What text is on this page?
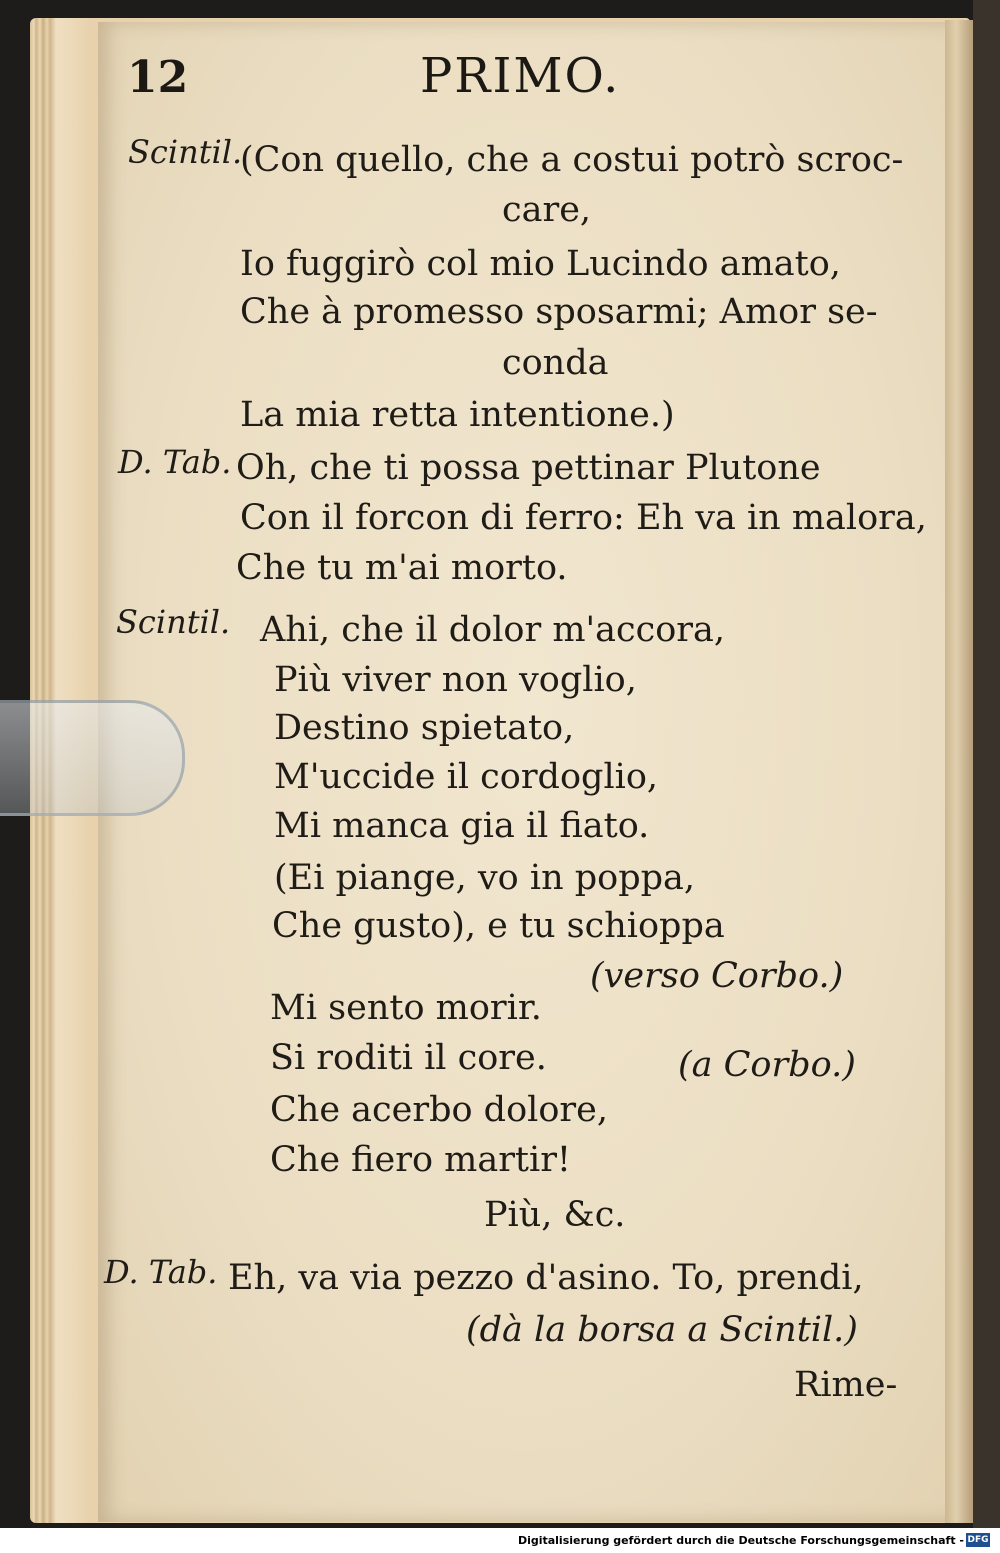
12	PRIMO.
Scintil.
(Con quello, che a costui potrò scroc-
care,
Io fuggirò col mio Lucindo amato,
Che à promesso sposarmi; Amor se-
conda
La mia retta intentione.)
D. Tab. Oh, che ti possa pettinar Plutone
Con il forcon di ferro: Eh va in malora,
Che tu m'ai morto.
Scintil. Ahi, che il dolor m'accora,
Più viver non voglio,
Destino spietato,
M'uccide il cordoglio,
Mi manca gia il fiato.
(Ei piange, vo in poppa,
Che gusto), e tu schioppa
(verso Corbo.)
Mi sento morir.
Si roditi il core.	(a Corbo.)
Che acerbo dolore,
Che fiero martir!
Più, &c.
D. Tab. Eh, va via pezzo d'asino. To, prendi,
(dà la borsa a Scintil.)
Rime-
Digitalisierung gefördert durch die Deutsche Forschungsgemeinschaft - DFG
